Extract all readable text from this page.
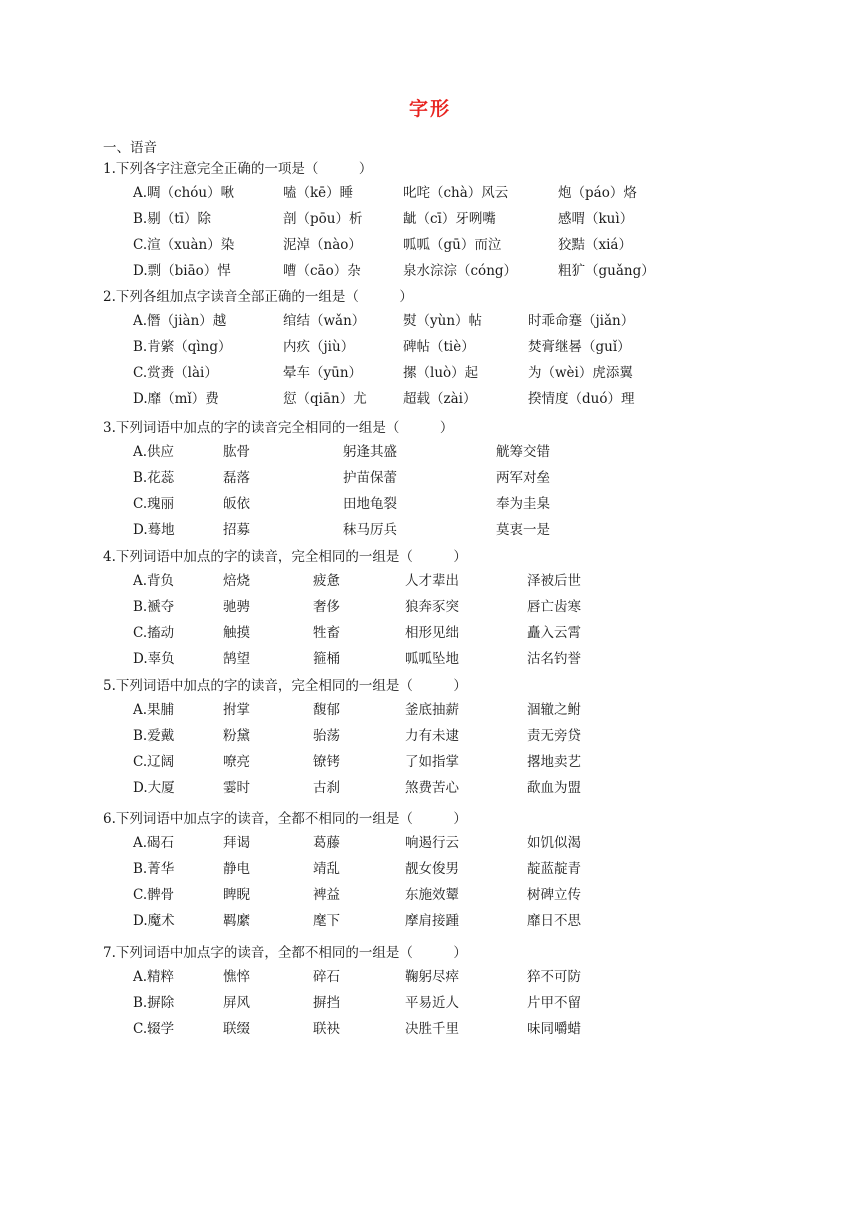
字形
一、语音
1.下列各字注意完全正确的一项是（　　　）
A.啁（chóu）啾	嗑（kē）睡	叱咤（chà）风云	炮（páo）烙
B.剔（tī）除	剖（pōu）析	龇（cī）牙咧嘴	感喟（kuì）
C.渲（xuàn）染	泥淖（nào）	呱呱（gū）而泣	狡黠（xiá）
D.剽（biāo）悍	嘈（cāo）杂	泉水淙淙（cóng）	粗犷（guǎng）
2.下列各组加点字读音全部正确的一组是（　　　）
A.僭（jiàn）越	绾结（wǎn）	熨（yùn）帖	时乖命蹇（jiǎn）
B.肯綮（qìng）	内疚（jiù）	碑帖（tiè）	焚膏继晷（guǐ）
C.赏赉（lài）	晕车（yūn）	摞（luò）起	为（wèi）虎添翼
D.靡（mǐ）费	愆（qiān）尤	超载（zài）	揆情度（duó）理
3.下列词语中加点的字的读音完全相同的一组是（　　　）
A.供应	肱骨	躬逢其盛	觥筹交错
B.花蕊	磊落	护苗保蕾	两军对垒
C.瑰丽	皈依	田地龟裂	奉为圭臬
D.蓦地	招募	秣马厉兵	莫衷一是
4.下列词语中加点的字的读音，完全相同的一组是（　　　）
A.背负	焙烧	疲惫	人才辈出	泽被后世
B.褫夺	驰骋	奢侈	狼奔豕突	唇亡齿寒
C.搐动	触摸	牲畜	相形见绌	矗入云霄
D.辜负	鹄望	箍桶	呱呱坠地	沽名钓誉
5.下列词语中加点的字的读音，完全相同的一组是（　　　）
A.果脯	拊掌	馥郁	釜底抽薪	涸辙之鲋
B.爱戴	粉黛	骀荡	力有未逮	责无旁贷
C.辽阔	嘹亮	镣铐	了如指掌	撂地卖艺
D.大厦	霎时	古刹	煞费苦心	歃血为盟
6.下列词语中加点字的读音，全都不相同的一组是（　　　）
A.碣石	拜谒	葛藤	响遏行云	如饥似渴
B.菁华	静电	靖乱	靓女俊男	靛蓝靛青
C.髀骨	睥睨	裨益	东施效颦	树碑立传
D.魔术	羁縻	麾下	摩肩接踵	靡日不思
7.下列词语中加点字的读音，全都不相同的一组是（　　　）
A.精粹	憔悴	碎石	鞠躬尽瘁	猝不可防
B.摒除	屏风	摒挡	平易近人	片甲不留
C.辍学	联缀	联袂	决胜千里	味同嚼蜡
